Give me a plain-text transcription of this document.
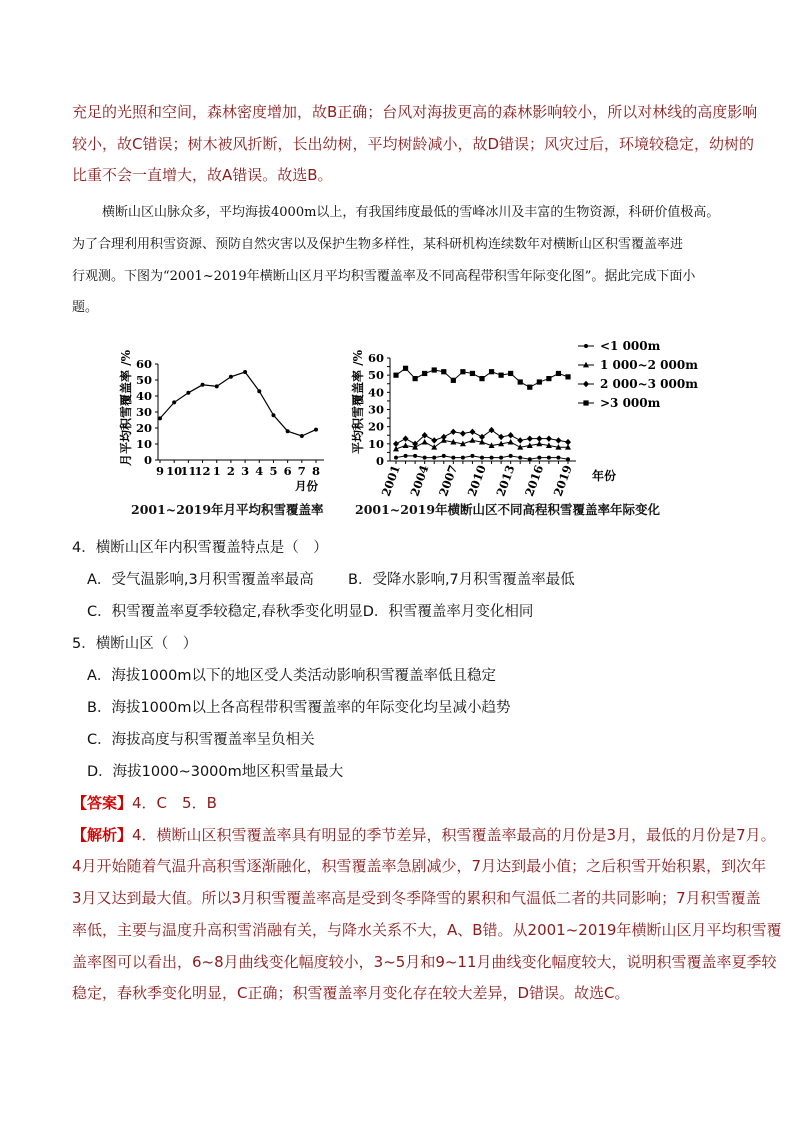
充足的光照和空间，森林密度增加，故B正确；台风对海拔更高的森林影响较小，所以对林线的高度影响
较小，故C错误；树木被风折断，长出幼树，平均树龄减小，故D错误；风灾过后，环境较稳定，幼树的
比重不会一直增大，故A错误。故选B。
横断山区山脉众多，平均海拔4000m以上，有我国纬度最低的雪峰冰川及丰富的生物资源，科研价值极高。
为了合理利用积雪资源、预防自然灾害以及保护生物多样性，某科研机构连续数年对横断山区积雪覆盖率进
行观测。下图为“2001~2019年横断山区月平均积雪覆盖率及不同高程带积雪年际变化图”。据此完成下面小
题。
月平均积雪覆盖率 /% 0
10
20
30
40
50
60
9 10
11
12 1 2 3 4 5 6 7 8
月份
2001~2019年月平均积雪覆盖率
平均积雪覆盖率 /%
0
10
20
30
40
50
60
2001 2004 2007 2010 2013 2016 2019 年份
<1 000m
1 000~2 000m
2 000~3 000m
>3 000m
2001~2019年横断山区不同高程积雪覆盖率年际变化
4．横断山区年内积雪覆盖特点是（　）
A．受气温影响,3月积雪覆盖率最高 B．受降水影响,7月积雪覆盖率最低
C．积雪覆盖率夏季较稳定,春秋季变化明显D．积雪覆盖率月变化相同
5．横断山区（　）
A．海拔1000m以下的地区受人类活动影响积雪覆盖率低且稳定
B．海拔1000m以上各高程带积雪覆盖率的年际变化均呈减小趋势
C．海拔高度与积雪覆盖率呈负相关
D．海拔1000~3000m地区积雪量最大
【答案】4．C　5．B
【解析】4．横断山区积雪覆盖率具有明显的季节差异，积雪覆盖率最高的月份是3月，最低的月份是7月。
4月开始随着气温升高积雪逐渐融化，积雪覆盖率急剧减少，7月达到最小值；之后积雪开始积累，到次年
3月又达到最大值。所以3月积雪覆盖率高是受到冬季降雪的累积和气温低二者的共同影响；7月积雪覆盖
率低，主要与温度升高积雪消融有关，与降水关系不大，A、B错。从2001~2019年横断山区月平均积雪覆
盖率图可以看出，6~8月曲线变化幅度较小，3~5月和9~11月曲线变化幅度较大，说明积雪覆盖率夏季较
稳定，春秋季变化明显，C正确；积雪覆盖率月变化存在较大差异，D错误。故选C。
